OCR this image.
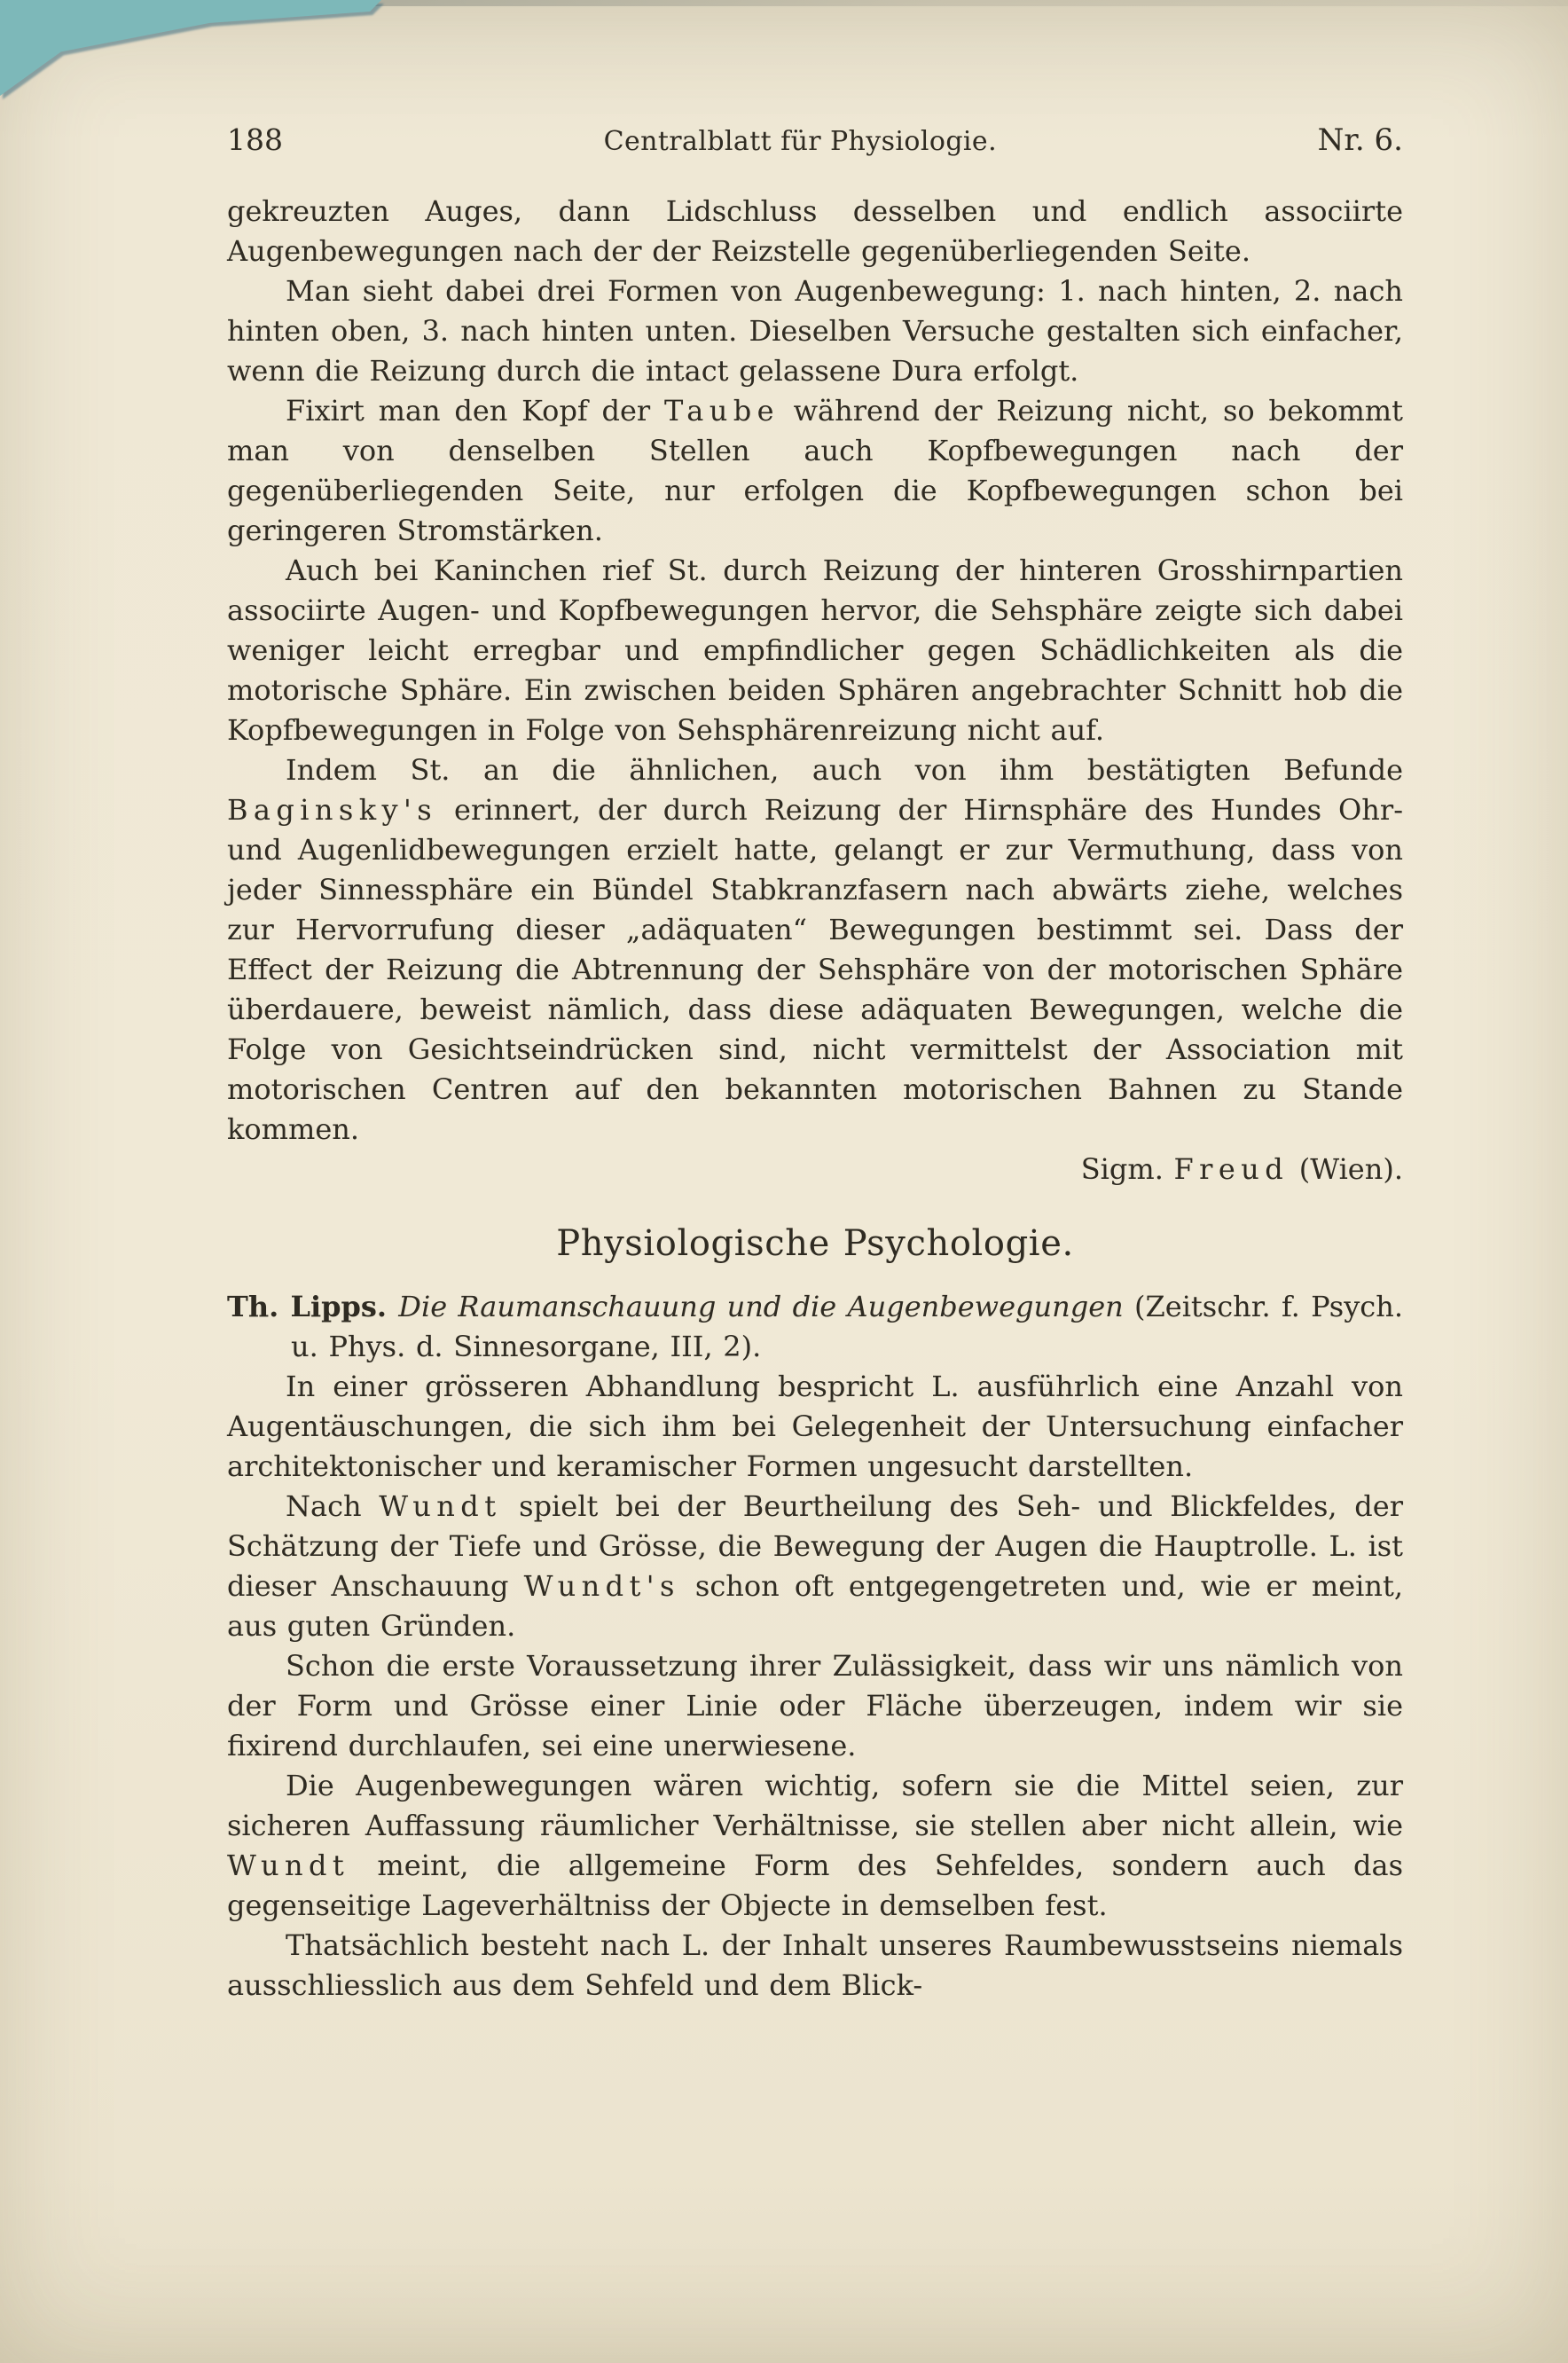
188	Centralblatt für Physiologie.	Nr. 6.

gekreuzten Auges, dann Lidschluss desselben und endlich associirte Augenbewegungen nach der der Reizstelle gegenüberliegenden Seite.

Man sieht dabei drei Formen von Augenbewegung: 1. nach hinten, 2. nach hinten oben, 3. nach hinten unten. Dieselben Versuche gestalten sich einfacher, wenn die Reizung durch die intact gelassene Dura erfolgt.

Fixirt man den Kopf der Taube während der Reizung nicht, so bekommt man von denselben Stellen auch Kopfbewegungen nach der gegenüberliegenden Seite, nur erfolgen die Kopfbewegungen schon bei geringeren Stromstärken.

Auch bei Kaninchen rief St. durch Reizung der hinteren Grosshirnpartien associirte Augen- und Kopfbewegungen hervor, die Sehsphäre zeigte sich dabei weniger leicht erregbar und empfindlicher gegen Schädlichkeiten als die motorische Sphäre. Ein zwischen beiden Sphären angebrachter Schnitt hob die Kopfbewegungen in Folge von Sehsphärenreizung nicht auf.

Indem St. an die ähnlichen, auch von ihm bestätigten Befunde Baginsky's erinnert, der durch Reizung der Hirnsphäre des Hundes Ohr- und Augenlidbewegungen erzielt hatte, gelangt er zur Vermuthung, dass von jeder Sinnessphäre ein Bündel Stabkranzfasern nach abwärts ziehe, welches zur Hervorrufung dieser „adäquaten“ Bewegungen bestimmt sei. Dass der Effect der Reizung die Abtrennung der Sehsphäre von der motorischen Sphäre überdauere, beweist nämlich, dass diese adäquaten Bewegungen, welche die Folge von Gesichtseindrücken sind, nicht vermittelst der Association mit motorischen Centren auf den bekannten motorischen Bahnen zu Stande kommen.

Sigm. Freud (Wien).

Physiologische Psychologie.

Th. Lipps. Die Raumanschauung und die Augenbewegungen (Zeitschr. f. Psych. u. Phys. d. Sinnesorgane, III, 2).

In einer grösseren Abhandlung bespricht L. ausführlich eine Anzahl von Augentäuschungen, die sich ihm bei Gelegenheit der Untersuchung einfacher architektonischer und keramischer Formen ungesucht darstellten.

Nach Wundt spielt bei der Beurtheilung des Seh- und Blickfeldes, der Schätzung der Tiefe und Grösse, die Bewegung der Augen die Hauptrolle. L. ist dieser Anschauung Wundt's schon oft entgegengetreten und, wie er meint, aus guten Gründen.

Schon die erste Voraussetzung ihrer Zulässigkeit, dass wir uns nämlich von der Form und Grösse einer Linie oder Fläche überzeugen, indem wir sie fixirend durchlaufen, sei eine unerwiesene.

Die Augenbewegungen wären wichtig, sofern sie die Mittel seien, zur sicheren Auffassung räumlicher Verhältnisse, sie stellen aber nicht allein, wie Wundt meint, die allgemeine Form des Sehfeldes, sondern auch das gegenseitige Lageverhältniss der Objecte in demselben fest.

Thatsächlich besteht nach L. der Inhalt unseres Raumbewusstseins niemals ausschliesslich aus dem Sehfeld und dem Blick-
